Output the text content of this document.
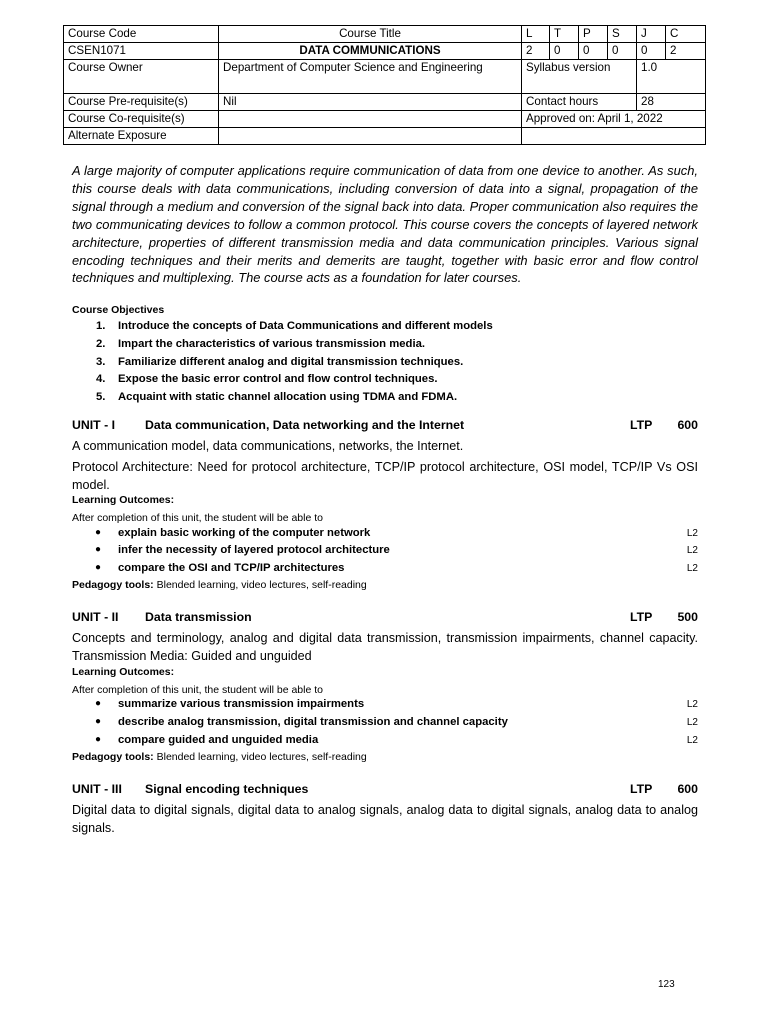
Course Code	Course Title	L	T	P	S	J	C
CSEN1071	DATA COMMUNICATIONS	2	0	0	0	0	2
Course Owner	Department of Computer Science and Engineering	Syllabus version				1.0	
Course Pre-requisite(s)	Nil	Contact hours				28	
Course Co-requisite(s)		Approved on: April 1, 2022					
Alternate Exposure							

A large majority of computer applications require communication of data from one device to another. As such, this course deals with data communications, including conversion of data into a signal, propagation of the signal through a medium and conversion of the signal back into data. Proper communication also requires the two communicating devices to follow a common protocol. This course covers the concepts of layered network architecture, properties of different transmission media and data communication principles. Various signal encoding techniques and their merits and demerits are taught, together with basic error and flow control techniques and multiplexing. The course acts as a foundation for later courses.

Course Objectives
1. Introduce the concepts of Data Communications and different models
2. Impart the characteristics of various transmission media.
3. Familiarize different analog and digital transmission techniques.
4. Expose the basic error control and flow control techniques.
5. Acquaint with static channel allocation using TDMA and FDMA.
UNIT - I Data communication, Data networking and the Internet	LTP 600

A communication model, data communications, networks, the Internet.

Protocol Architecture: Need for protocol architecture, TCP/IP protocol architecture, OSI model, TCP/IP Vs OSI model.

Learning Outcomes:
After completion of this unit, the student will be able to
● explain basic working of the computer network	L2
● infer the necessity of layered protocol architecture	L2
● compare the OSI and TCP/IP architectures	L2
Pedagogy tools: Blended learning, video lectures, self-reading
UNIT - II Data transmission	LTP 500

Concepts and terminology, analog and digital data transmission, transmission impairments, channel capacity. Transmission Media: Guided and unguided

Learning Outcomes:
After completion of this unit, the student will be able to
● summarize various transmission impairments	L2
● describe analog transmission, digital transmission and channel capacity	L2
● compare guided and unguided media	L2
Pedagogy tools: Blended learning, video lectures, self-reading
UNIT - III Signal encoding techniques	LTP 600

Digital data to digital signals, digital data to analog signals, analog data to digital signals, analog data to analog signals.

123
